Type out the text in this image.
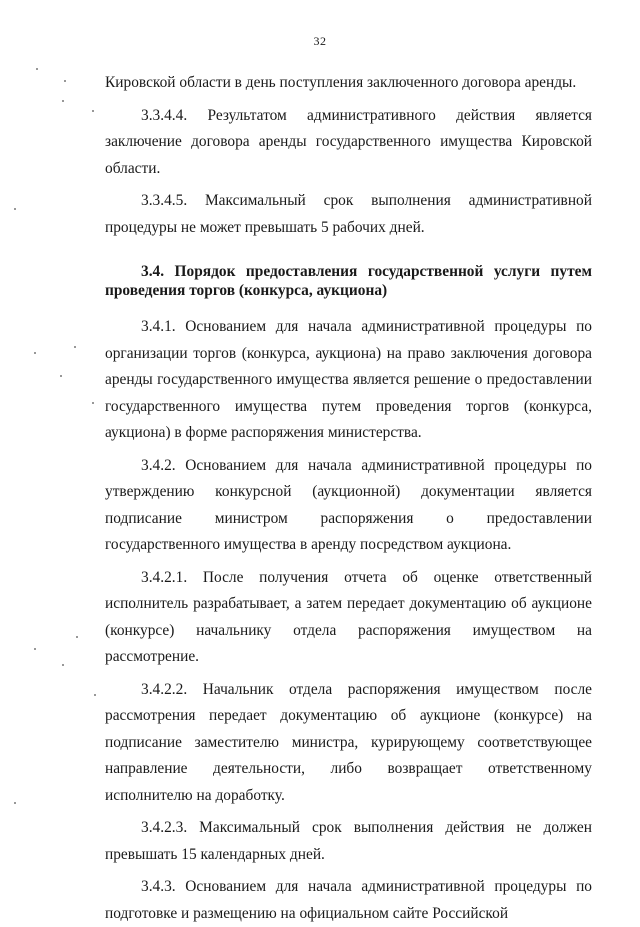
32

Кировской области в день поступления заключенного договора аренды.

3.3.4.4. Результатом административного действия является заключение договора аренды государственного имущества Кировской области.

3.3.4.5. Максимальный срок выполнения административной процедуры не может превышать 5 рабочих дней.

3.4. Порядок предоставления государственной услуги путем проведения торгов (конкурса, аукциона)

3.4.1. Основанием для начала административной процедуры по организации торгов (конкурса, аукциона) на право заключения договора аренды государственного имущества является решение о предоставлении государственного имущества путем проведения торгов (конкурса, аукциона) в форме распоряжения министерства.

3.4.2. Основанием для начала административной процедуры по утверждению конкурсной (аукционной) документации является подписание министром распоряжения о предоставлении государственного имущества в аренду посредством аукциона.

3.4.2.1. После получения отчета об оценке ответственный исполнитель разрабатывает, а затем передает документацию об аукционе (конкурсе) начальнику отдела распоряжения имуществом на рассмотрение.

3.4.2.2. Начальник отдела распоряжения имуществом после рассмотрения передает документацию об аукционе (конкурсе) на подписание заместителю министра, курирующему соответствующее направление деятельности, либо возвращает ответственному исполнителю на доработку.

3.4.2.3. Максимальный срок выполнения действия не должен превышать 15 календарных дней.

3.4.3. Основанием для начала административной процедуры по подготовке и размещению на официальном сайте Российской
